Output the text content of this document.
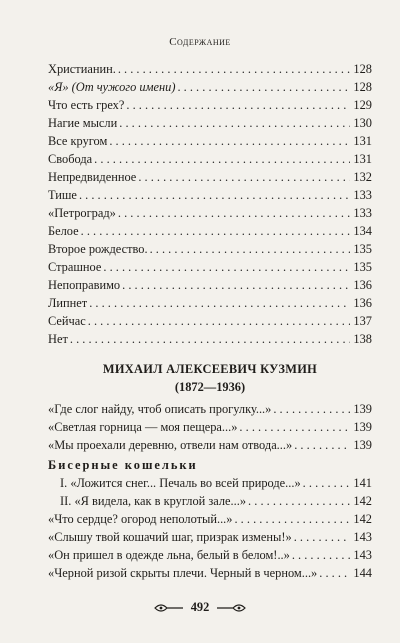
Содержание
Христианин. . . .	128
«Я» (От чужого имени) . . .	128
Что есть грех? . . .	129
Нагие мысли . . .	130
Все кругом . . .	131
Свобода . . .	131
Непредвиденное . . .	132
Тише . . .	133
«Петроград» . . .	133
Белое . . .	134
Второе рождество. . . .	135
Страшное . . .	135
Непоправимо . . .	136
Липнет . . .	136
Сейчас . . .	137
Нет . . .	138
МИХАИЛ АЛЕКСЕЕВИЧ КУЗМИН
(1872—1936)
«Где слог найду, чтоб описать прогулку...» . . .	139
«Светлая горница — моя пещера...» . . .	139
«Мы проехали деревню, отвели нам отвода...» . . .	139
Бисерные кошельки
I. «Ложится снег... Печаль во всей природе...» . . .	141
II. «Я видела, как в круглой зале...» . . .	142
«Что сердце? огород неполотый...» . . .	142
«Слышу твой кошачий шаг, призрак измены!» . . .	143
«Он пришел в одежде льна, белый в белом!..» . . .	143
«Черной ризой скрыты плечи. Черный в черном...» . . .	144
492
